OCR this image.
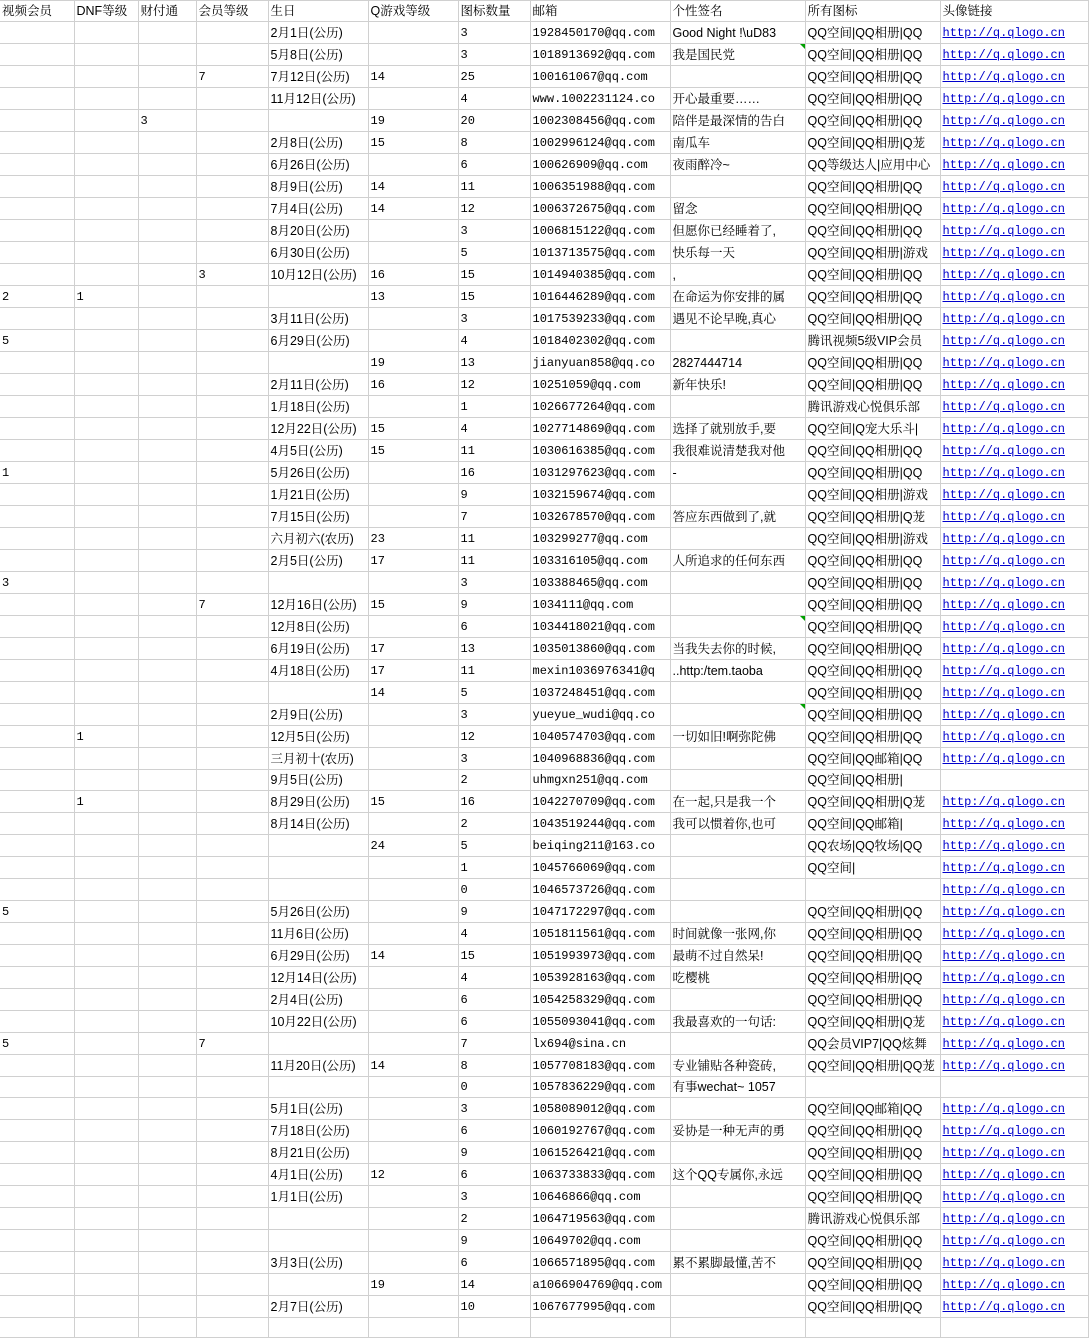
视频会员	DNF等级	财付通	会员等级	生日	Q游戏等级	图标数量	邮箱	个性签名	所有图标	头像链接

				2月1日(公历)		3	1928450170@qq.com	Good Night !\uD83	QQ空间|QQ相册|QQ	http://q.qlogo.cn

				5月8日(公历)		3	1018913692@qq.com	我是国民党	QQ空间|QQ相册|QQ	http://q.qlogo.cn

			7	7月12日(公历)	14	25	100161067@qq.com		QQ空间|QQ相册|QQ	http://q.qlogo.cn

				11月12日(公历)		4	www.1002231124.co	开心最重要……	QQ空间|QQ相册|QQ	http://q.qlogo.cn

		3			19	20	1002308456@qq.com	陪伴是最深情的告白	QQ空间|QQ相册|QQ	http://q.qlogo.cn

				2月8日(公历)	15	8	1002996124@qq.com	南瓜车	QQ空间|QQ相册|Q茏	http://q.qlogo.cn

				6月26日(公历)		6	100626909@qq.com	夜雨醉冷~	QQ等级达人|应用中心	http://q.qlogo.cn

				8月9日(公历)	14	11	1006351988@qq.com		QQ空间|QQ相册|QQ	http://q.qlogo.cn

				7月4日(公历)	14	12	1006372675@qq.com	留念	QQ空间|QQ相册|QQ	http://q.qlogo.cn

				8月20日(公历)		3	1006815122@qq.com	但愿你已经睡着了,	QQ空间|QQ相册|QQ	http://q.qlogo.cn

				6月30日(公历)		5	1013713575@qq.com	快乐每一天	QQ空间|QQ相册|游戏	http://q.qlogo.cn

			3	10月12日(公历)	16	15	1014940385@qq.com	,	QQ空间|QQ相册|QQ	http://q.qlogo.cn

2	1				13	15	1016446289@qq.com	在命运为你安排的属	QQ空间|QQ相册|QQ	http://q.qlogo.cn

				3月11日(公历)		3	1017539233@qq.com	遇见不论早晚,真心	QQ空间|QQ相册|QQ	http://q.qlogo.cn

5				6月29日(公历)		4	1018402302@qq.com		腾讯视频5级VIP会员	http://q.qlogo.cn

					19	13	jianyuan858@qq.co	2827444714	QQ空间|QQ相册|QQ	http://q.qlogo.cn

				2月11日(公历)	16	12	10251059@qq.com	新年快乐!	QQ空间|QQ相册|QQ	http://q.qlogo.cn

				1月18日(公历)		1	1026677264@qq.com		腾讯游戏心悦俱乐部	http://q.qlogo.cn

				12月22日(公历)	15	4	1027714869@qq.com	选择了就别放手,要	QQ空间|Q宠大乐斗|	http://q.qlogo.cn

				4月5日(公历)	15	11	1030616385@qq.com	我很难说清楚我对他	QQ空间|QQ相册|QQ	http://q.qlogo.cn

1				5月26日(公历)		16	1031297623@qq.com	-	QQ空间|QQ相册|QQ	http://q.qlogo.cn

				1月21日(公历)		9	1032159674@qq.com		QQ空间|QQ相册|游戏	http://q.qlogo.cn

				7月15日(公历)		7	1032678570@qq.com	答应东西做到了,就	QQ空间|QQ相册|Q茏	http://q.qlogo.cn

				六月初六(农历)	23	11	103299277@qq.com		QQ空间|QQ相册|游戏	http://q.qlogo.cn

				2月5日(公历)	17	11	103316105@qq.com	人所追求的任何东西	QQ空间|QQ相册|QQ	http://q.qlogo.cn

3						3	103388465@qq.com		QQ空间|QQ相册|QQ	http://q.qlogo.cn

			7	12月16日(公历)	15	9	1034111@qq.com		QQ空间|QQ相册|QQ	http://q.qlogo.cn

				12月8日(公历)		6	1034418021@qq.com		QQ空间|QQ相册|QQ	http://q.qlogo.cn

				6月19日(公历)	17	13	1035013860@qq.com	当我失去你的时候,	QQ空间|QQ相册|QQ	http://q.qlogo.cn

				4月18日(公历)	17	11	mexin1036976341@q	..http:/tem.taoba	QQ空间|QQ相册|QQ	http://q.qlogo.cn

					14	5	1037248451@qq.com		QQ空间|QQ相册|QQ	http://q.qlogo.cn

				2月9日(公历)		3	yueyue_wudi@qq.co		QQ空间|QQ相册|QQ	http://q.qlogo.cn

	1			12月5日(公历)		12	1040574703@qq.com	一切如旧!啊弥陀佛	QQ空间|QQ相册|QQ	http://q.qlogo.cn

				三月初十(农历)		3	1040968836@qq.com		QQ空间|QQ邮箱|QQ	http://q.qlogo.cn

				9月5日(公历)		2	uhmgxn251@qq.com		QQ空间|QQ相册|	

	1			8月29日(公历)	15	16	1042270709@qq.com	在一起,只是我一个	QQ空间|QQ相册|Q茏	http://q.qlogo.cn

				8月14日(公历)		2	1043519244@qq.com	我可以惯着你,也可	QQ空间|QQ邮箱|	http://q.qlogo.cn

					24	5	beiqing211@163.co		QQ农场|QQ牧场|QQ	http://q.qlogo.cn

						1	1045766069@qq.com		QQ空间|	http://q.qlogo.cn

						0	1046573726@qq.com			http://q.qlogo.cn

5				5月26日(公历)		9	1047172297@qq.com		QQ空间|QQ相册|QQ	http://q.qlogo.cn

				11月6日(公历)		4	1051811561@qq.com	时间就像一张网,你	QQ空间|QQ相册|QQ	http://q.qlogo.cn

				6月29日(公历)	14	15	1051993973@qq.com	最萌不过自然呆!	QQ空间|QQ相册|QQ	http://q.qlogo.cn

				12月14日(公历)		4	1053928163@qq.com	吃樱桃	QQ空间|QQ相册|QQ	http://q.qlogo.cn

				2月4日(公历)		6	1054258329@qq.com		QQ空间|QQ相册|QQ	http://q.qlogo.cn

				10月22日(公历)		6	1055093041@qq.com	我最喜欢的一句话:	QQ空间|QQ相册|Q茏	http://q.qlogo.cn

5			7			7	lx694@sina.cn		QQ会员VIP7|QQ炫舞	http://q.qlogo.cn

				11月20日(公历)	14	8	1057708183@qq.com	专业铺贴各种瓷砖,	QQ空间|QQ相册|QQ茏	http://q.qlogo.cn

						0	1057836229@qq.com	有事wechat~ 1057		

				5月1日(公历)		3	1058089012@qq.com		QQ空间|QQ邮箱|QQ	http://q.qlogo.cn

				7月18日(公历)		6	1060192767@qq.com	妥协是一种无声的勇	QQ空间|QQ相册|QQ	http://q.qlogo.cn

				8月21日(公历)		9	1061526421@qq.com		QQ空间|QQ相册|QQ	http://q.qlogo.cn

				4月1日(公历)	12	6	1063733833@qq.com	这个QQ专属你,永远	QQ空间|QQ相册|QQ	http://q.qlogo.cn

				1月1日(公历)		3	10646866@qq.com		QQ空间|QQ相册|QQ	http://q.qlogo.cn

						2	1064719563@qq.com		腾讯游戏心悦俱乐部	http://q.qlogo.cn

						9	10649702@qq.com		QQ空间|QQ相册|QQ	http://q.qlogo.cn

				3月3日(公历)		6	1066571895@qq.com	累不累脚最懂,苦不	QQ空间|QQ相册|QQ	http://q.qlogo.cn

					19	14	a1066904769@qq.com		QQ空间|QQ相册|QQ	http://q.qlogo.cn

				2月7日(公历)		10	1067677995@qq.com		QQ空间|QQ相册|QQ	http://q.qlogo.cn
